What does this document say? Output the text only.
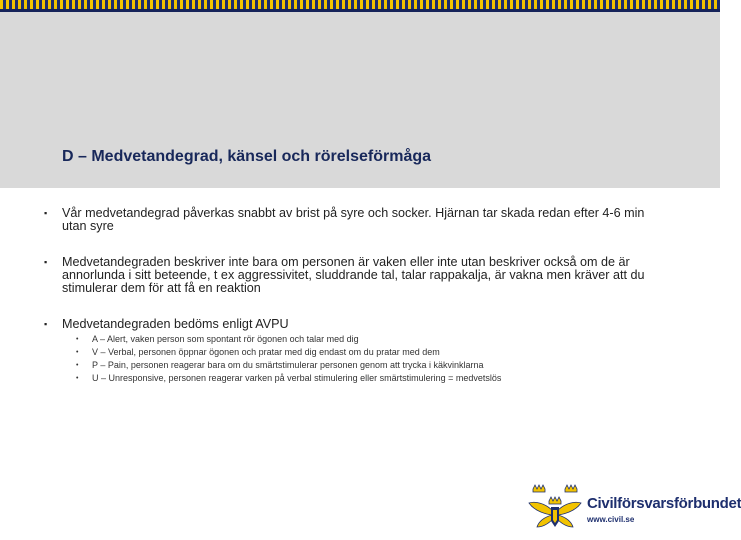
D – Medvetandegrad, känsel och rörelseförmåga
▪ Vår medvetandegrad påverkas snabbt av brist på syre och socker. Hjärnan tar skada redan efter 4-6 min utan syre
▪ Medvetandegraden beskriver inte bara om personen är vaken eller inte utan beskriver också om de är annorlunda i sitt beteende, t ex aggressivitet, sluddrande tal, talar rappakalja, är vakna men kräver att du stimulerar dem för att få en reaktion
▪ Medvetandegraden bedöms enligt AVPU
• A – Alert, vaken person som spontant rör ögonen och talar med dig
• V – Verbal, personen öppnar ögonen och pratar med dig endast om du pratar med dem
• P – Pain, personen reagerar bara om du smärtstimulerar personen genom att trycka i käkvinklarna
• U – Unresponsive, personen reagerar varken på verbal stimulering eller smärtstimulering = medvetslös
Civilförsvarsförbundet
www.civil.se
